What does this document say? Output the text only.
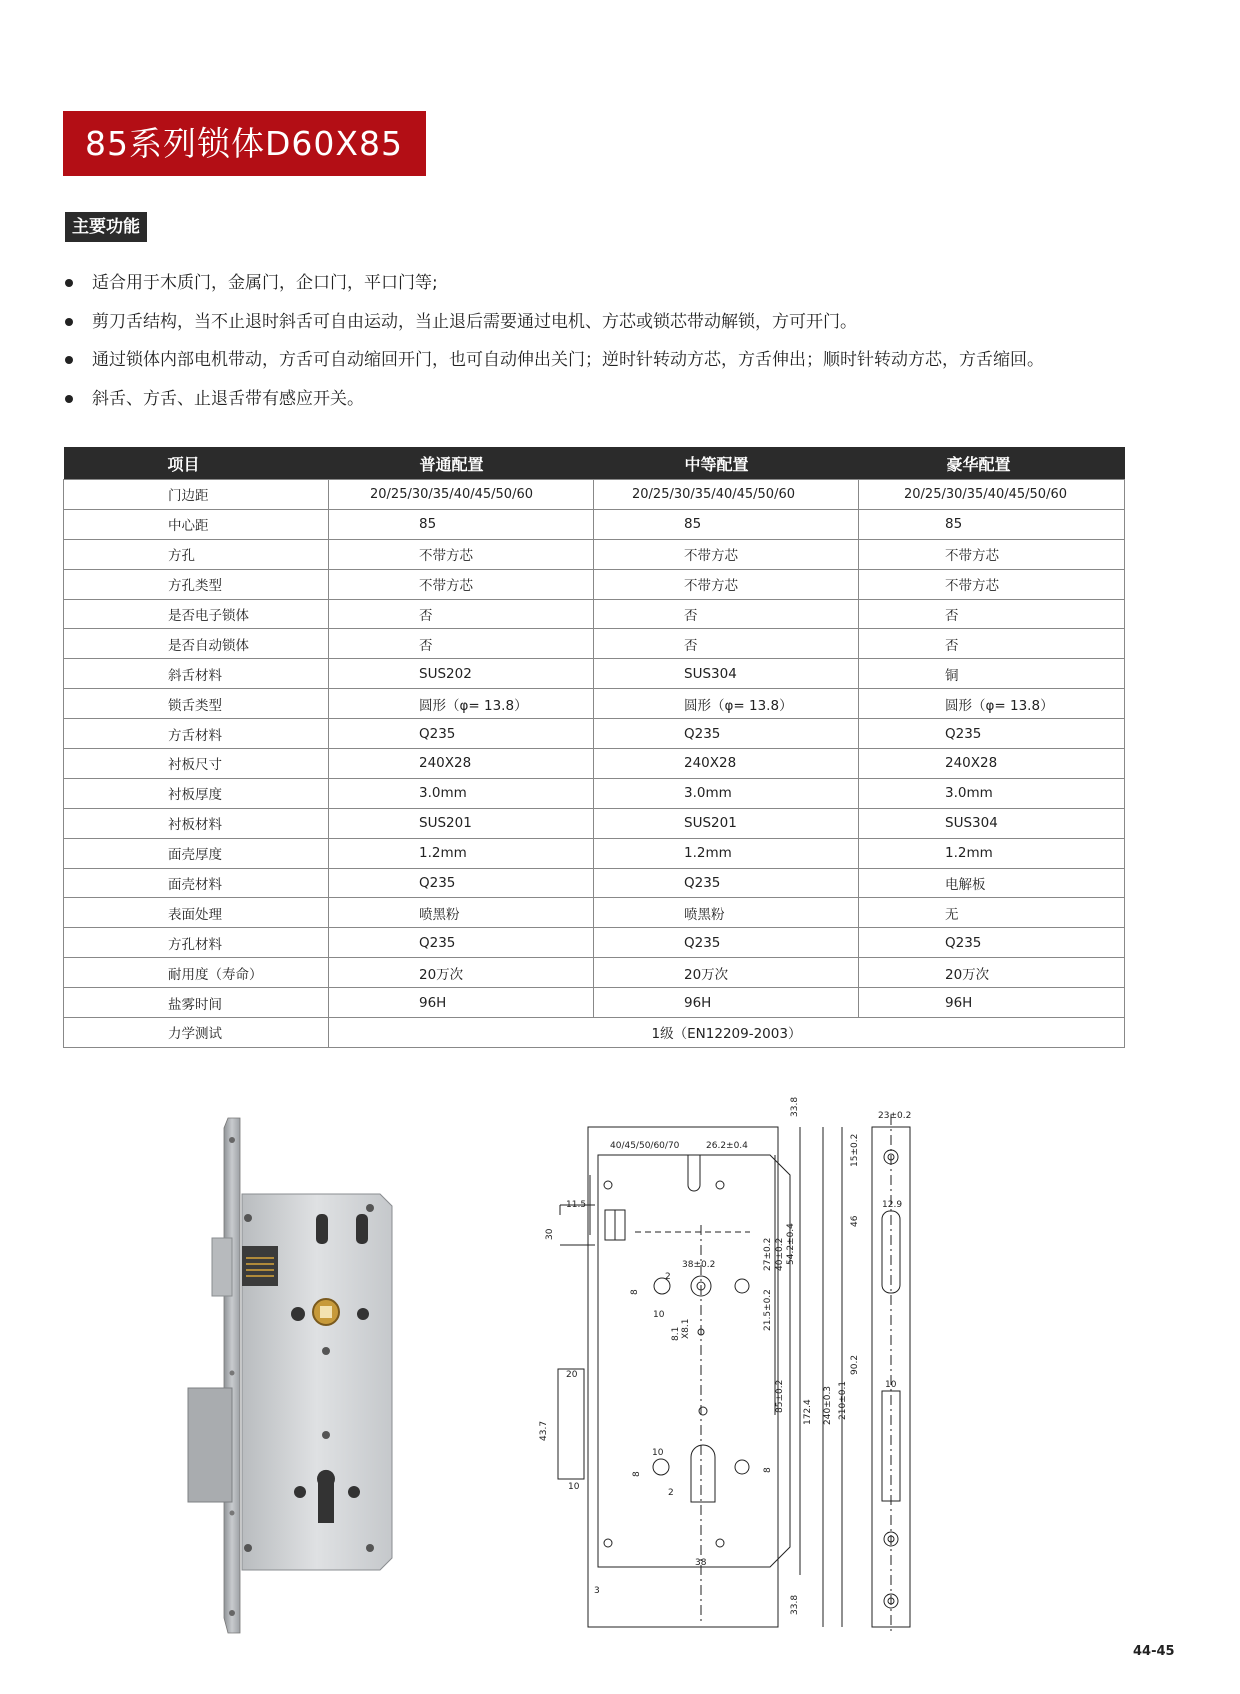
85系列锁体D60X85
主要功能
适合用于木质门，金属门，企口门，平口门等;
剪刀舌结构，当不止退时斜舌可自由运动，当止退后需要通过电机、方芯或锁芯带动解锁，方可开门。
通过锁体内部电机带动，方舌可自动缩回开门，也可自动伸出关门；逆时针转动方芯，方舌伸出；顺时针转动方芯，方舌缩回。
斜舌、方舌、止退舌带有感应开关。
项目	普通配置	中等配置	豪华配置
门边距	20/25/30/35/40/45/50/60	20/25/30/35/40/45/50/60	20/25/30/35/40/45/50/60
中心距	85	85	85
方孔	不带方芯	不带方芯	不带方芯
方孔类型	不带方芯	不带方芯	不带方芯
是否电子锁体	否	否	否
是否自动锁体	否	否	否
斜舌材料	SUS202	SUS304	铜
锁舌类型	圆形（φ= 13.8）	圆形（φ= 13.8）	圆形（φ= 13.8）
方舌材料	Q235	Q235	Q235
衬板尺寸	240X28	240X28	240X28
衬板厚度	3.0mm	3.0mm	3.0mm
衬板材料	SUS201	SUS201	SUS304
面壳厚度	1.2mm	1.2mm	1.2mm
面壳材料	Q235	Q235	电解板
表面处理	喷黑粉	喷黑粉	无
方孔材料	Q235	Q235	Q235
耐用度（寿命）	20万次	20万次	20万次
盐雾时间	96H	96H	96H
力学测试	1级（EN12209-2003）		
40/45/50/60/70	26.2±0.4
33.8	23±0.2
15±0.2
11.5	12.9
46
30
38±0.2	27±0.2 40±0.2 54.2±0.4
2
8
10
8.1 X8.1	21.5±0.2
90.2
20
85±0.2 172.4 240±0.3 210±0.1	10
43.7
10
10
8
8
2
38
3
33.8
44-45
